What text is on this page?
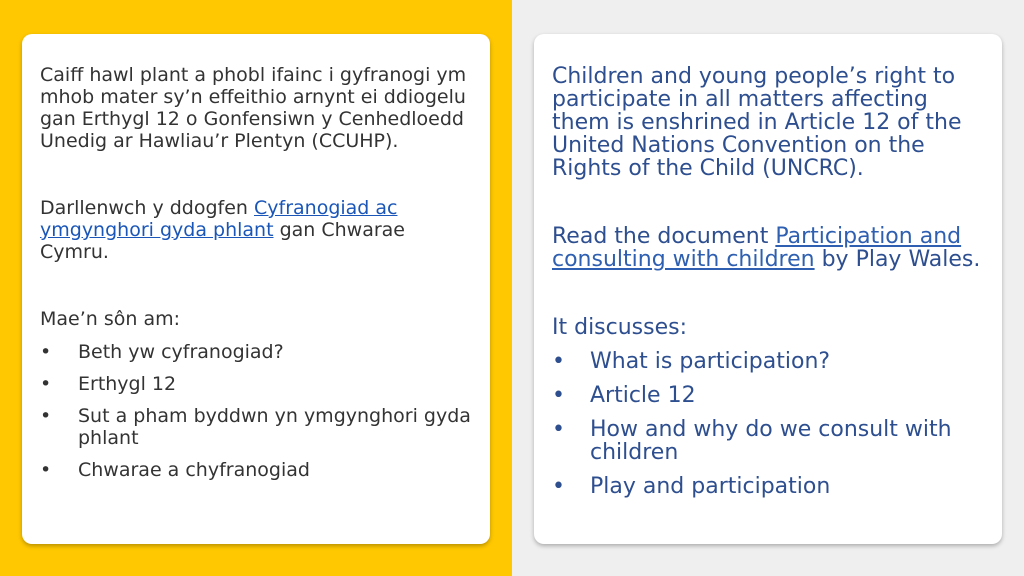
Caiff hawl plant a phobl ifainc i gyfranogi ym mhob mater sy’n effeithio arnynt ei ddiogelu gan Erthygl 12 o Gonfensiwn y Cenhedloedd Unedig ar Hawliau’r Plentyn (CCUHP).

Darllenwch y ddogfen Cyfranogiad ac ymgynghori gyda phlant gan Chwarae Cymru.

Mae’n sôn am:

• Beth yw cyfranogiad?
• Erthygl 12
• Sut a pham byddwn yn ymgynghori gyda phlant
• Chwarae a chyfranogiad

Children and young people’s right to participate in all matters affecting them is enshrined in Article 12 of the United Nations Convention on the Rights of the Child (UNCRC).

Read the document Participation and consulting with children by Play Wales.

It discusses:

• What is participation?
• Article 12
• How and why do we consult with children
• Play and participation
